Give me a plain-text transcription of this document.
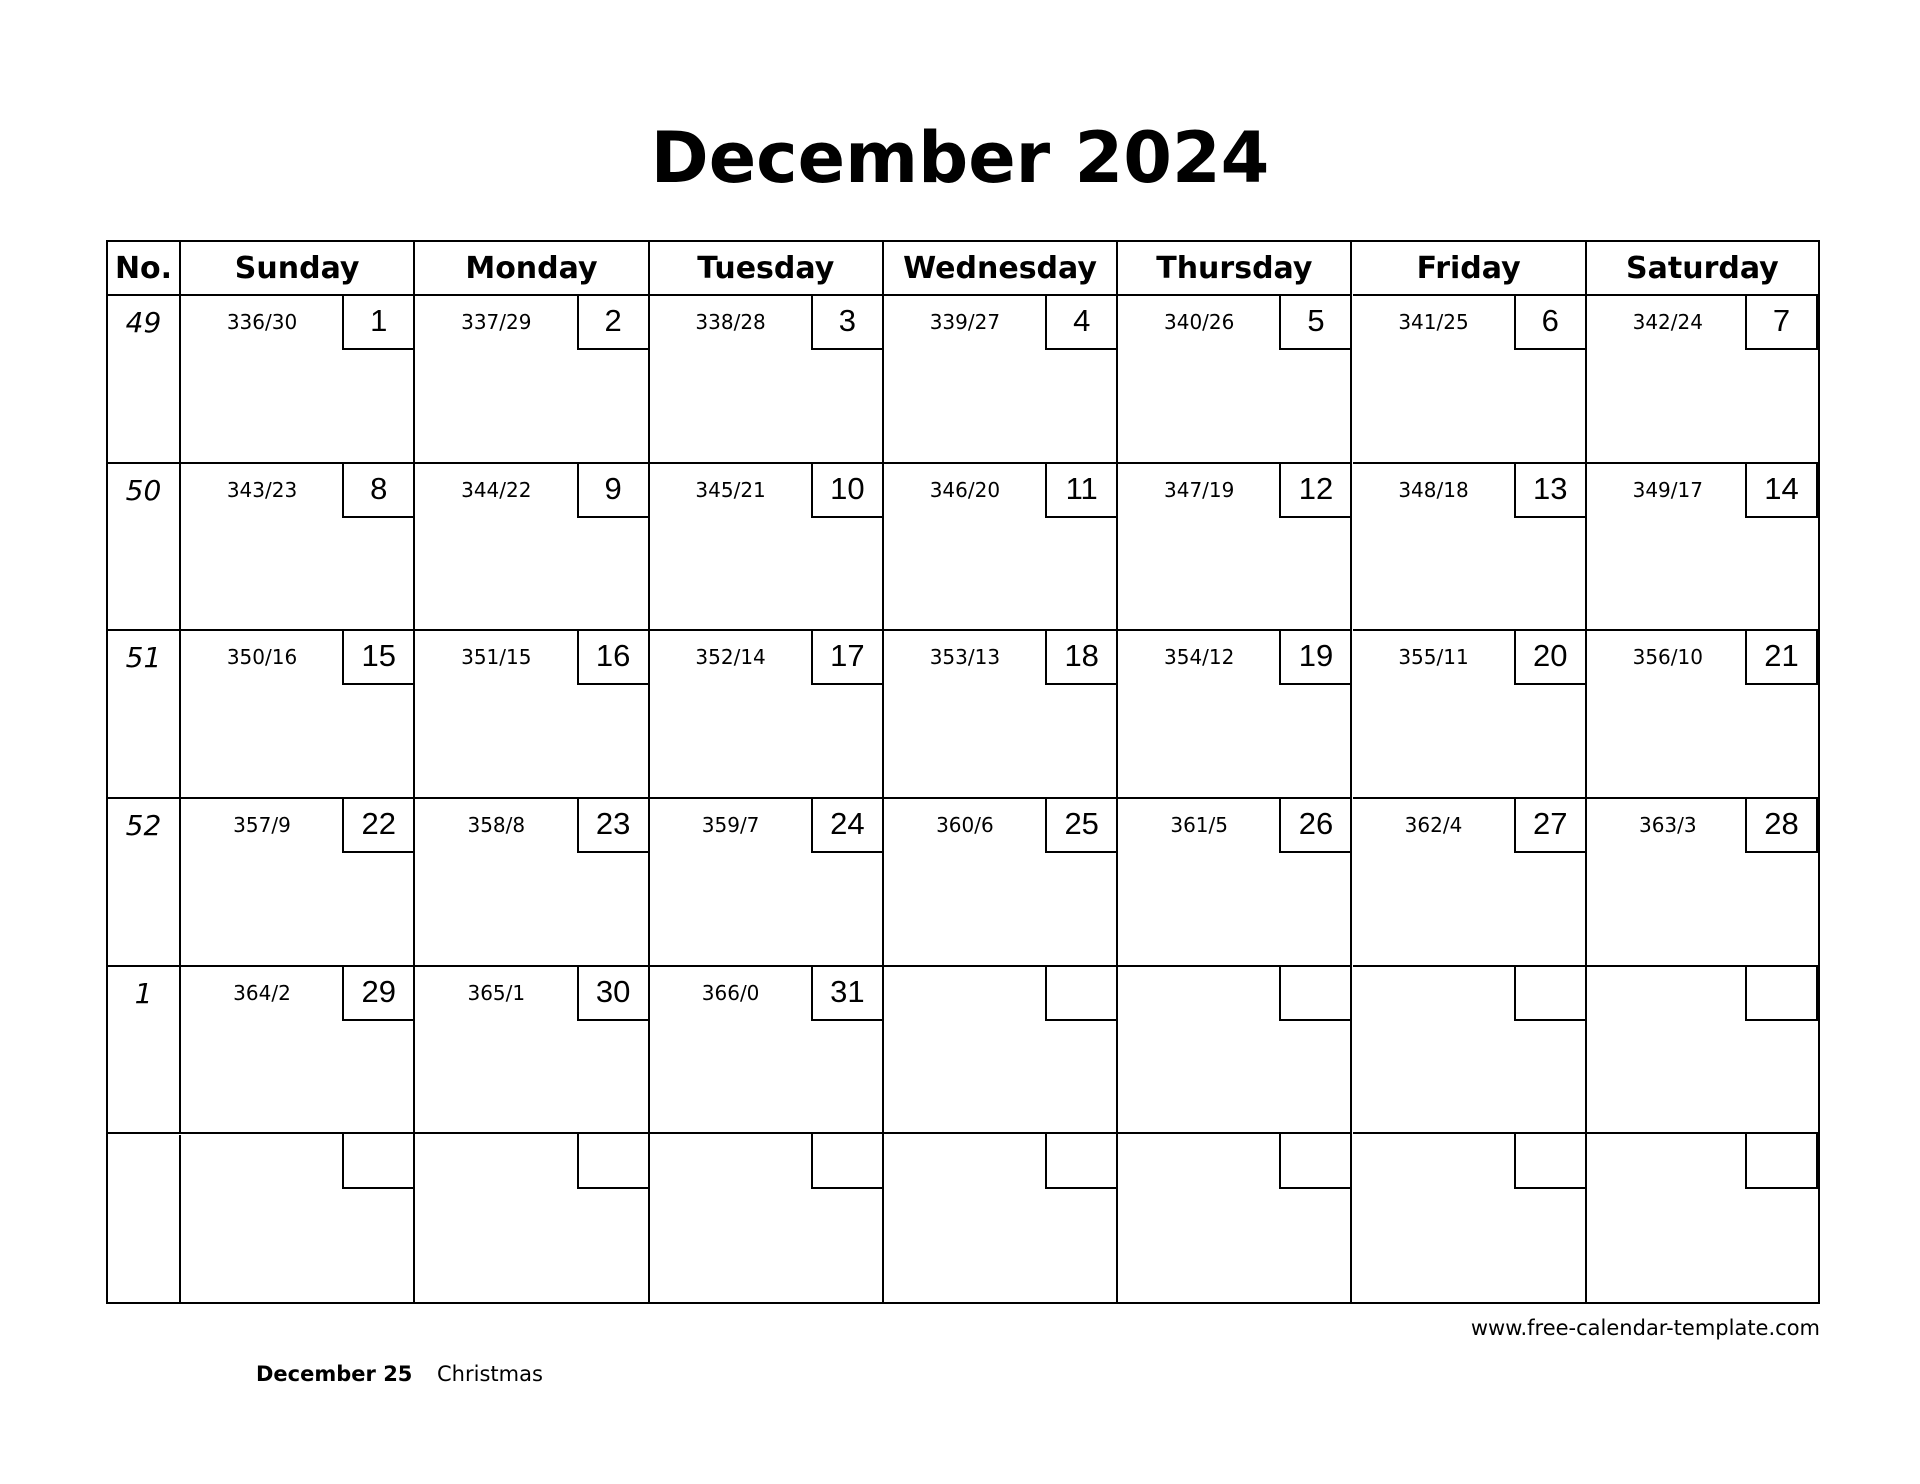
December 2024
No.	Sunday	Monday	Tuesday	Wednesday	Thursday	Friday	Saturday
49	336/30	1	337/29	2	338/28	3	339/27	4	340/26	5	341/25	6	342/24	7
50	343/23	8	344/22	9	345/21	10	346/20	11	347/19	12	348/18	13	349/17	14
51	350/16	15	351/15	16	352/14	17	353/13	18	354/12	19	355/11	20	356/10	21
52	357/9	22	358/8	23	359/7	24	360/6	25	361/5	26	362/4	27	363/3	28
1	364/2	29	365/1	30	366/0	31
www.free-calendar-template.com
December 25 Christmas
